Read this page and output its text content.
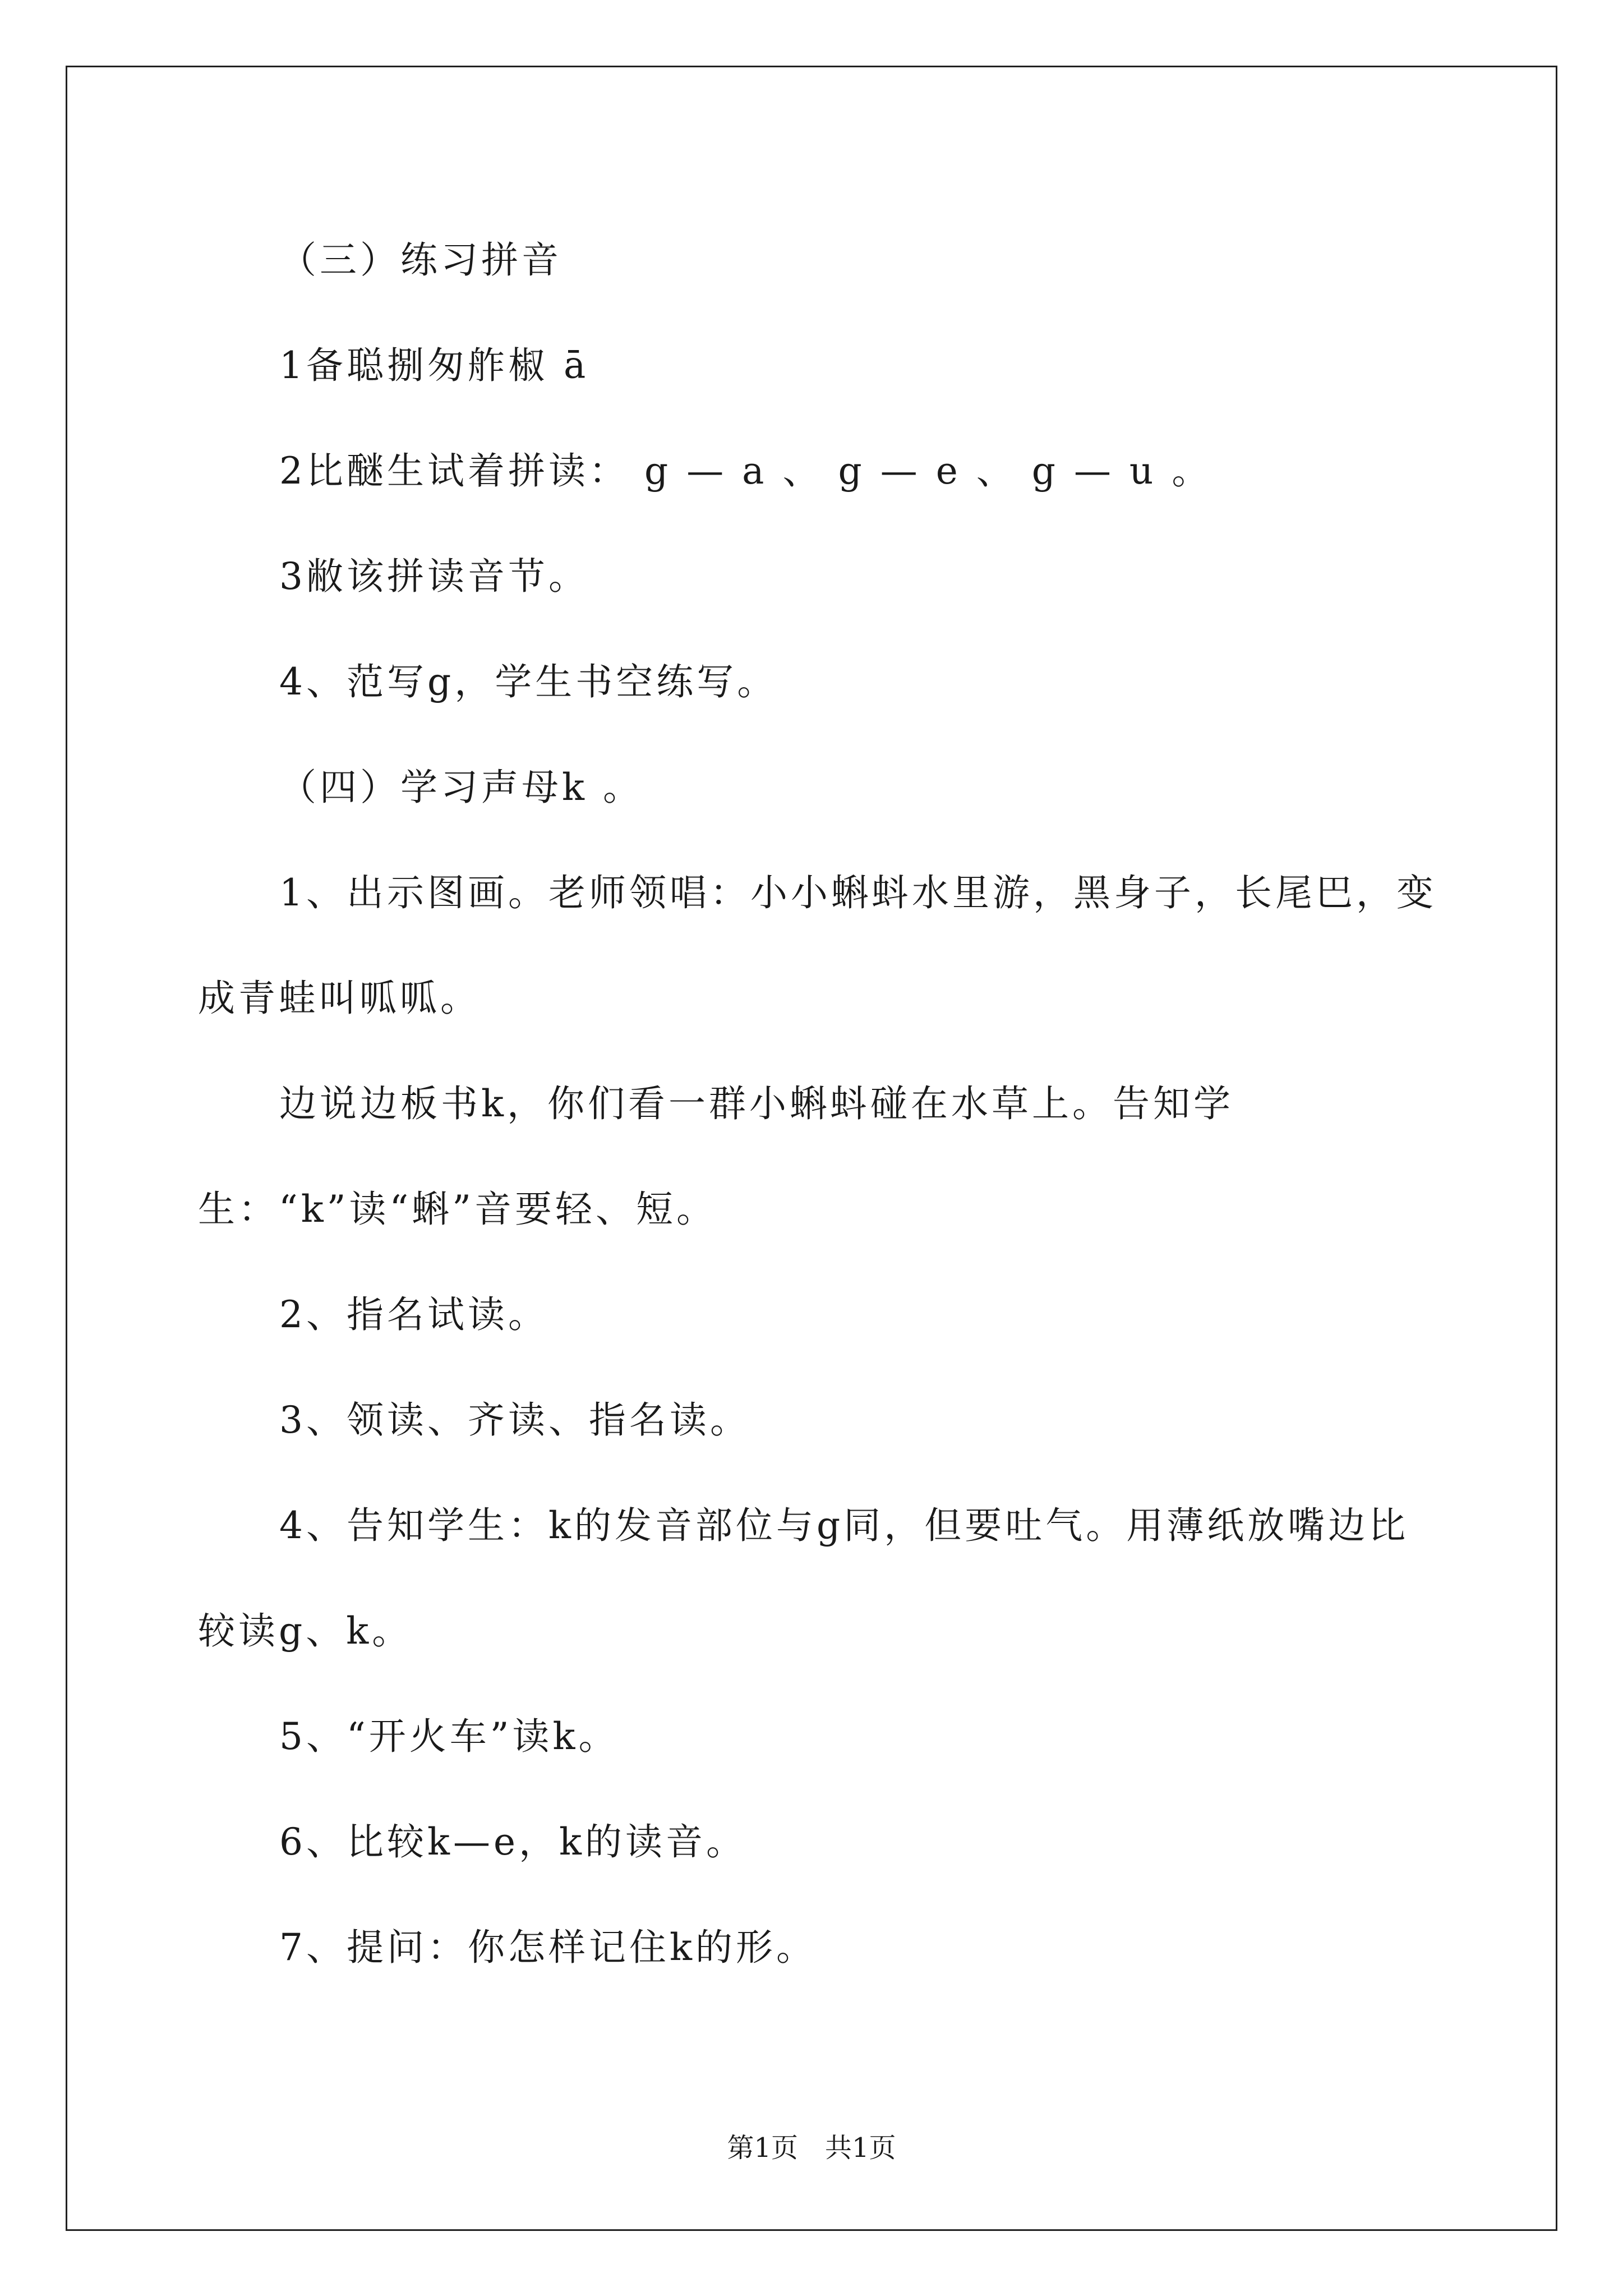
（三）练习拼音

1备聪捌匆舴椒 ā

2比醚生试着拼读： g — a 、 g — e 、 g — u 。

3敝该拼读音节。

4、范写g，学生书空练写。

（四）学习声母k 。

1、出示图画。老师领唱：小小蝌蚪水里游，黑身子，长尾巴，变成青蛙叫呱呱。

边说边板书k，你们看一群小蝌蚪碰在水草上。告知学生：“k”读“蝌”音要轻、短。

2、指名试读。

3、领读、齐读、指名读。

4、告知学生：k的发音部位与g同，但要吐气。用薄纸放嘴边比较读g、k。

5、“开火车”读k。

6、比较k—e，k的读音。

7、提问：你怎样记住k的形。

第1页　共1页
